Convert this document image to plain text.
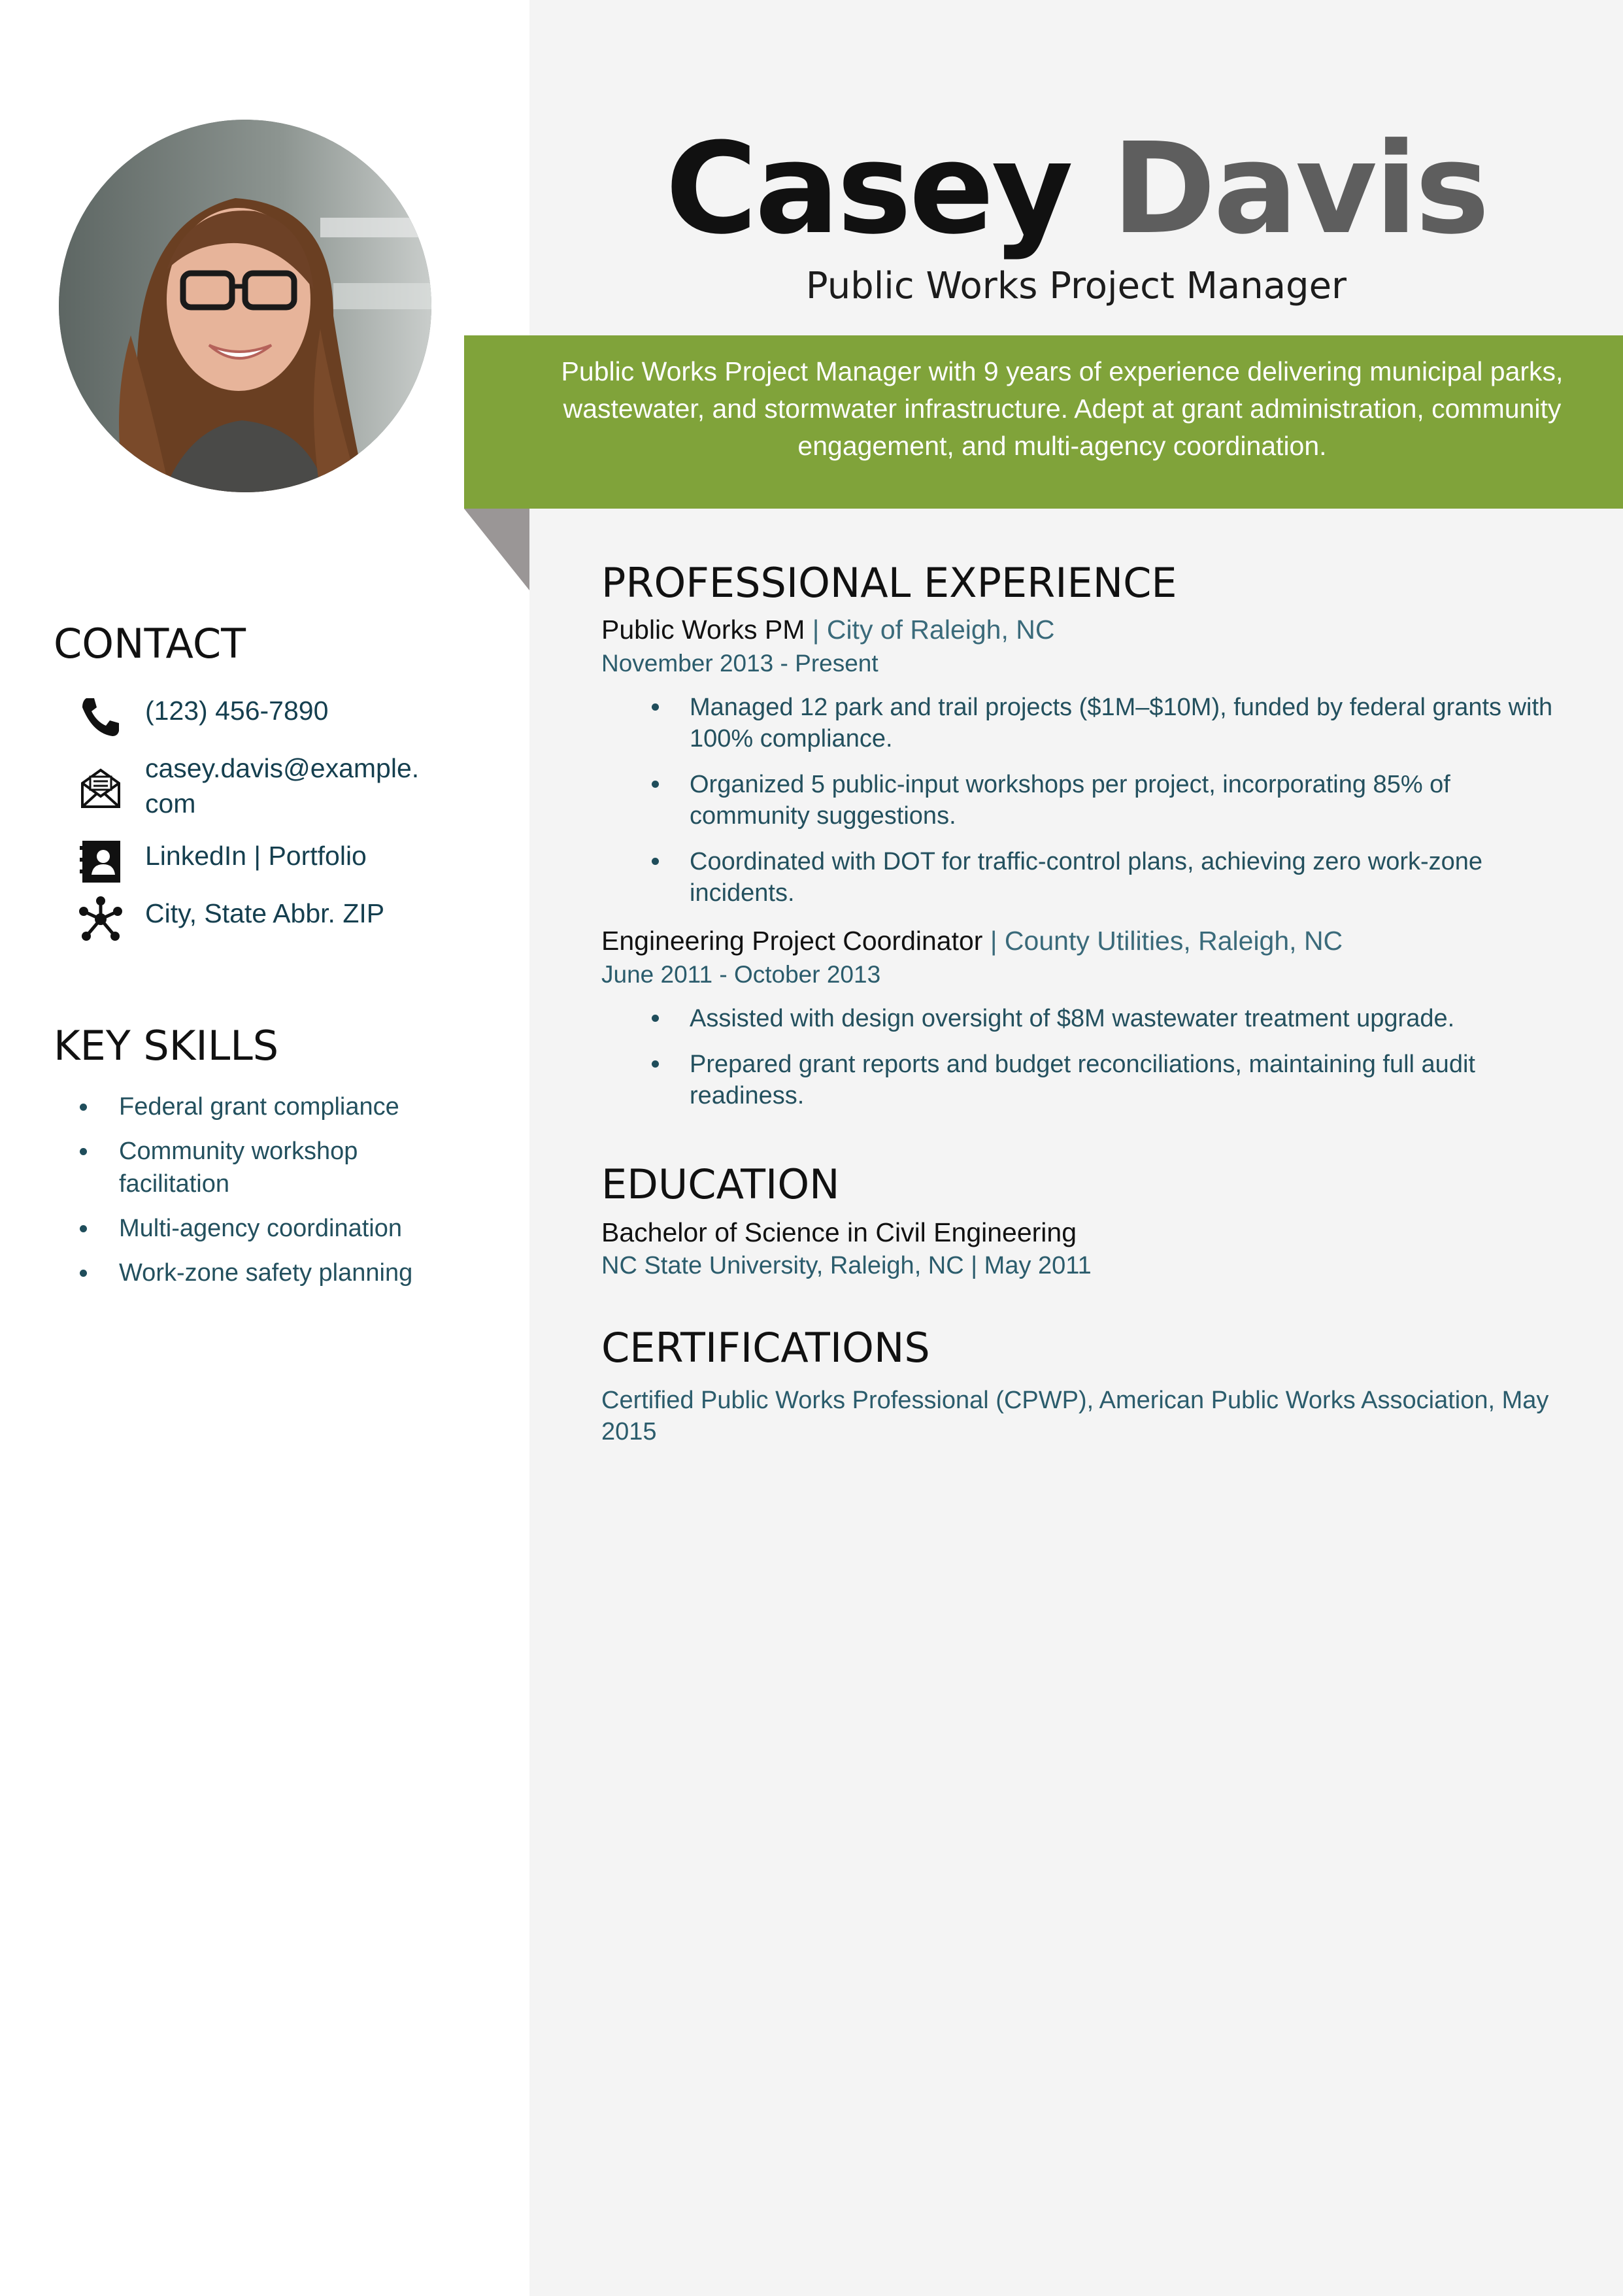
Casey Davis
Public Works Project Manager
Public Works Project Manager with 9 years of experience delivering municipal parks, wastewater, and stormwater infrastructure. Adept at grant administration, community engagement, and multi-agency coordination.
CONTACT
(123) 456-7890
casey.davis@example.
com
LinkedIn | Portfolio
City, State Abbr. ZIP
KEY SKILLS
Federal grant compliance
Community workshop facilitation
Multi-agency coordination
Work-zone safety planning
PROFESSIONAL EXPERIENCE
Public Works PM | City of Raleigh, NC
November 2013 - Present
Managed 12 park and trail projects ($1M–$10M), funded by federal grants with 100% compliance.
Organized 5 public-input workshops per project, incorporating 85% of community suggestions.
Coordinated with DOT for traffic-control plans, achieving zero work-zone incidents.
Engineering Project Coordinator | County Utilities, Raleigh, NC
June 2011 - October 2013
Assisted with design oversight of $8M wastewater treatment upgrade.
Prepared grant reports and budget reconciliations, maintaining full audit readiness.
EDUCATION
Bachelor of Science in Civil Engineering
NC State University, Raleigh, NC | May 2011
CERTIFICATIONS
Certified Public Works Professional (CPWP), American Public Works Association, May 2015
